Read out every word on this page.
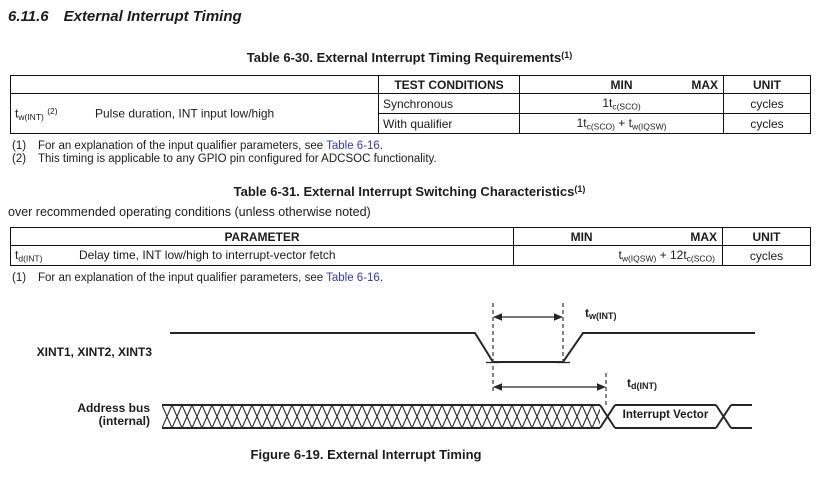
6.11.6 External Interrupt Timing
Table 6-30. External Interrupt Timing Requirements$^{(1)}$
	TEST CONDITIONS	MIN MAX	UNIT
$t_{w(INT)}$ $^{(2)}$ Pulse duration, INT input low/high	Synchronous	$1t_{c(SCO)}$	cycles
	With qualifier	$1t_{c(SCO)} + t_{w(IQSW)}$	cycles
(1)	For an explanation of the input qualifier parameters, see Table 6-16.
(2)	This timing is applicable to any GPIO pin configured for ADCSOC functionality.
Table 6-31. External Interrupt Switching Characteristics$^{(1)}$
over recommended operating conditions (unless otherwise noted)
PARAMETER	MIN MAX	UNIT
$t_{d(INT)}$ Delay time, INT low/high to interrupt-vector fetch	$t_{w(IQSW)} + 12t_{c(SCO)}$	cycles
(1)	For an explanation of the input qualifier parameters, see Table 6-16.
XINT1, XINT2, XINT3
Address bus
(internal)
$t_{w(INT)}$
$t_{d(INT)}$
Interrupt Vector
Figure 6-19. External Interrupt Timing
